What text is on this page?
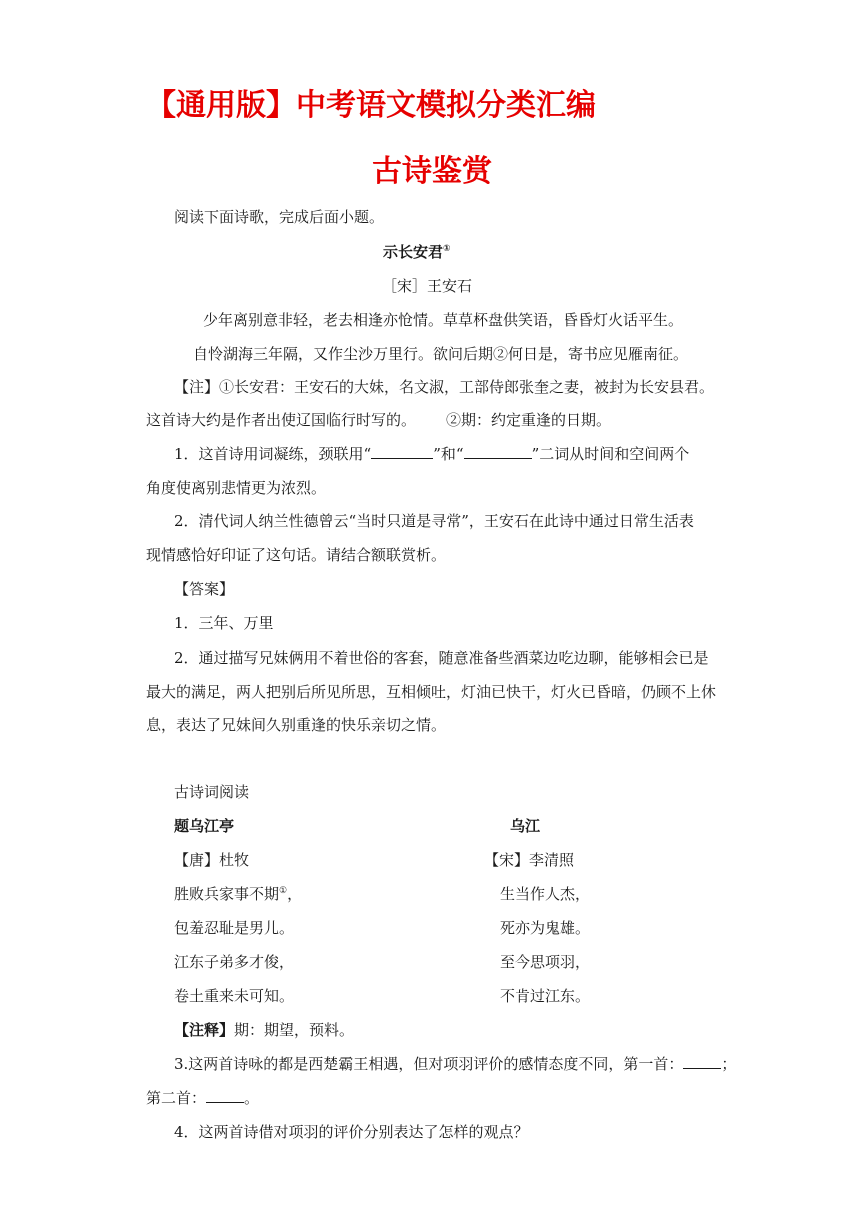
【通用版】中考语文模拟分类汇编
古诗鉴赏
阅读下面诗歌，完成后面小题。
示长安君①
［宋］王安石
少年离别意非轻，老去相逢亦怆情。草草杯盘供笑语，昏昏灯火话平生。
自怜湖海三年隔，又作尘沙万里行。欲问后期②何日是，寄书应见雁南征。
【注】①长安君：王安石的大妹，名文淑，工部侍郎张奎之妻，被封为长安县君。
这首诗大约是作者出使辽国临行时写的。 ②期：约定重逢的日期。
1．这首诗用词凝练，颈联用“	”和“	”二词从时间和空间两个
角度使离别悲情更为浓烈。
2．清代词人纳兰性德曾云“当时只道是寻常”，王安石在此诗中通过日常生活表
现情感恰好印证了这句话。请结合额联赏析。
【答案】
1．三年、万里
2．通过描写兄妹俩用不着世俗的客套，随意准备些酒菜边吃边聊，能够相会已是
最大的满足，两人把别后所见所思，互相倾吐，灯油已快干，灯火已昏暗，仍顾不上休
息，表达了兄妹间久别重逢的快乐亲切之情。
古诗词阅读
题乌江亭	乌江
【唐】杜牧	【宋】李清照
胜败兵家事不期①，	生当作人杰，
包羞忍耻是男儿。	死亦为鬼雄。
江东子弟多才俊，	至今思项羽，
卷土重来未可知。	不肯过江东。
【注释】期：期望，预料。
3.这两首诗咏的都是西楚霸王相遇，但对项羽评价的感情态度不同，第一首：	；
第二首：	。
4．这两首诗借对项羽的评价分别表达了怎样的观点？
